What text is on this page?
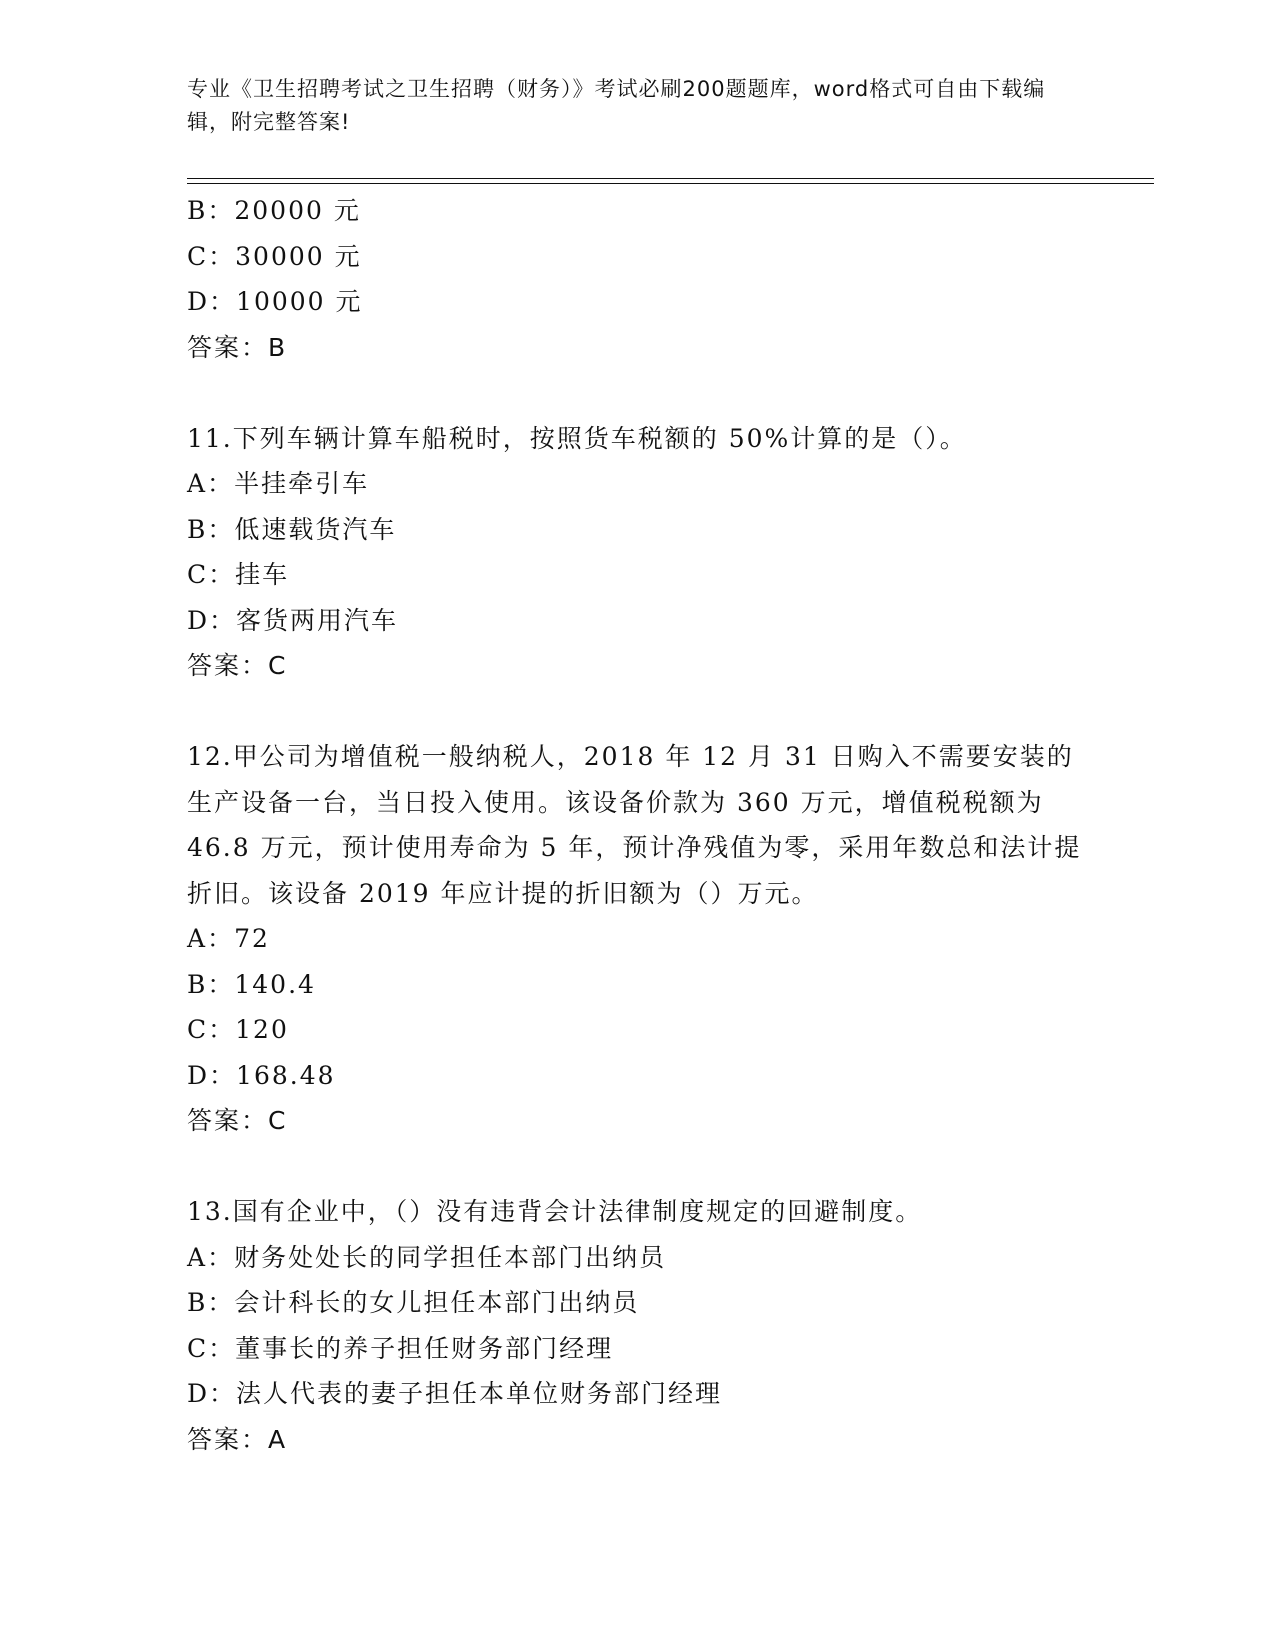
专业《卫生招聘考试之卫生招聘（财务）》考试必刷200题题库，word格式可自由下载编辑，附完整答案!
B：20000 元
C：30000 元
D：10000 元
答案：B
11.下列车辆计算车船税时，按照货车税额的 50%计算的是（）。
A：半挂牵引车
B：低速载货汽车
C：挂车
D：客货两用汽车
答案：C
12.甲公司为增值税一般纳税人，2018 年 12 月 31 日购入不需要安装的生产设备一台，当日投入使用。该设备价款为 360 万元，增值税税额为 46.8 万元，预计使用寿命为 5 年，预计净残值为零，采用年数总和法计提折旧。该设备 2019 年应计提的折旧额为（）万元。
A：72
B：140.4
C：120
D：168.48
答案：C
13.国有企业中，（）没有违背会计法律制度规定的回避制度。
A：财务处处长的同学担任本部门出纳员
B：会计科长的女儿担任本部门出纳员
C：董事长的养子担任财务部门经理
D：法人代表的妻子担任本单位财务部门经理
答案：A
